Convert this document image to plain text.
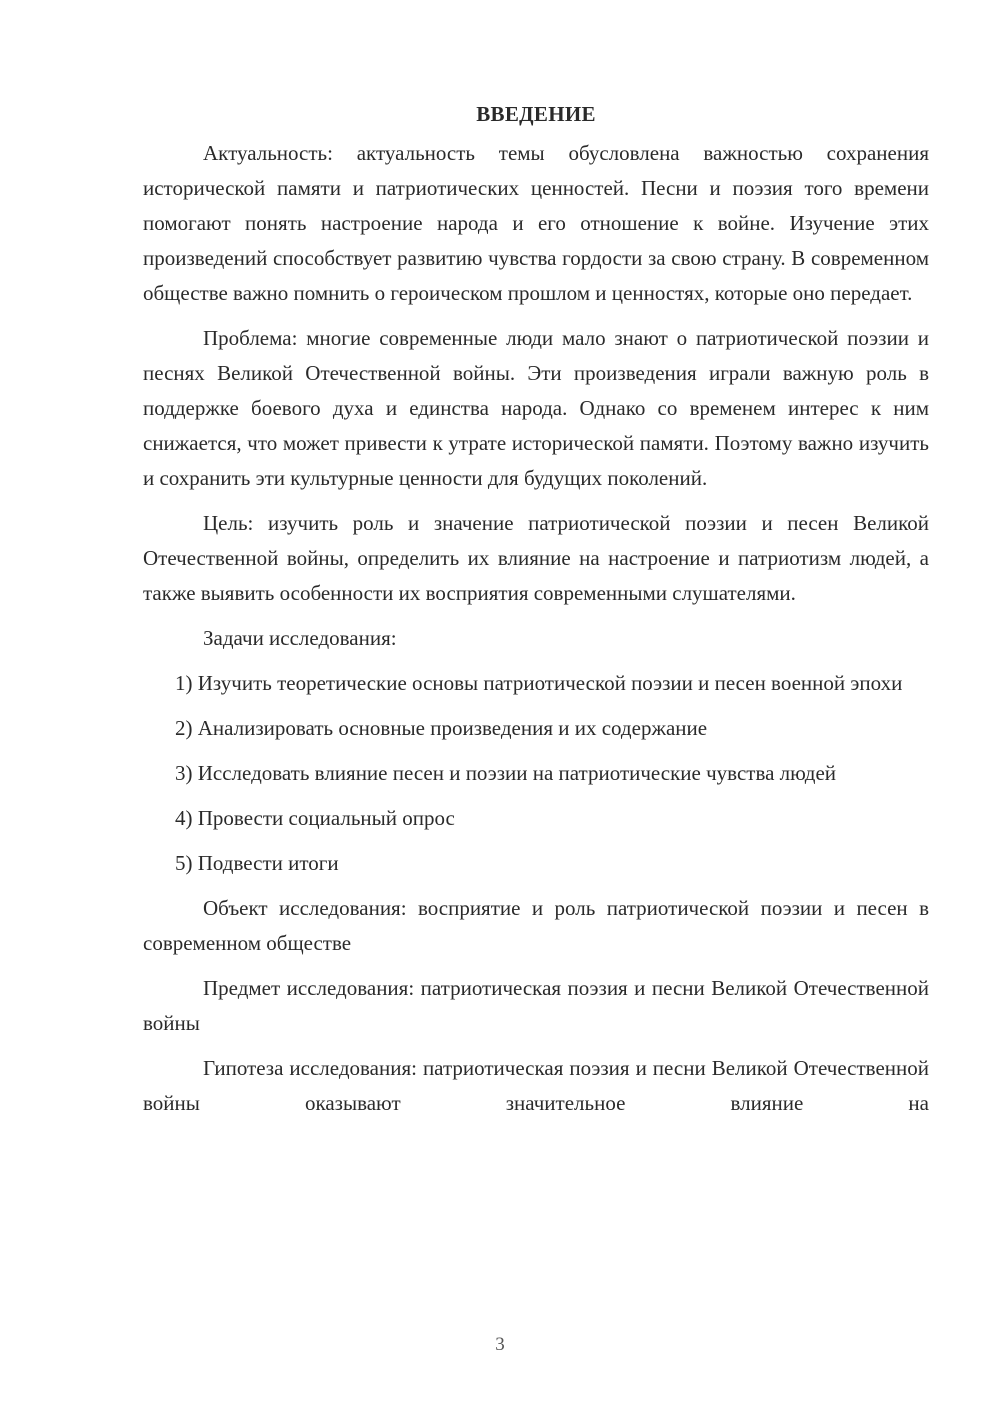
ВВЕДЕНИЕ

Актуальность: актуальность темы обусловлена важностью сохранения исторической памяти и патриотических ценностей. Песни и поэзия того времени помогают понять настроение народа и его отношение к войне. Изучение этих произведений способствует развитию чувства гордости за свою страну. В современном обществе важно помнить о героическом прошлом и ценностях, которые оно передает.

Проблема: многие современные люди мало знают о патриотической поэзии и песнях Великой Отечественной войны. Эти произведения играли важную роль в поддержке боевого духа и единства народа. Однако со временем интерес к ним снижается, что может привести к утрате исторической памяти. Поэтому важно изучить и сохранить эти культурные ценности для будущих поколений.

Цель: изучить роль и значение патриотической поэзии и песен Великой Отечественной войны, определить их влияние на настроение и патриотизм людей, а также выявить особенности их восприятия современными слушателями.

Задачи исследования:

1) Изучить теоретические основы патриотической поэзии и песен военной эпохи

2) Анализировать основные произведения и их содержание

3) Исследовать влияние песен и поэзии на патриотические чувства людей

4) Провести социальный опрос

5) Подвести итоги

Объект исследования: восприятие и роль патриотической поэзии и песен в современном обществе

Предмет исследования: патриотическая поэзия и песни Великой Отечественной войны

Гипотеза исследования: патриотическая поэзия и песни Великой Отечественной войны оказывают значительное влияние на

3
